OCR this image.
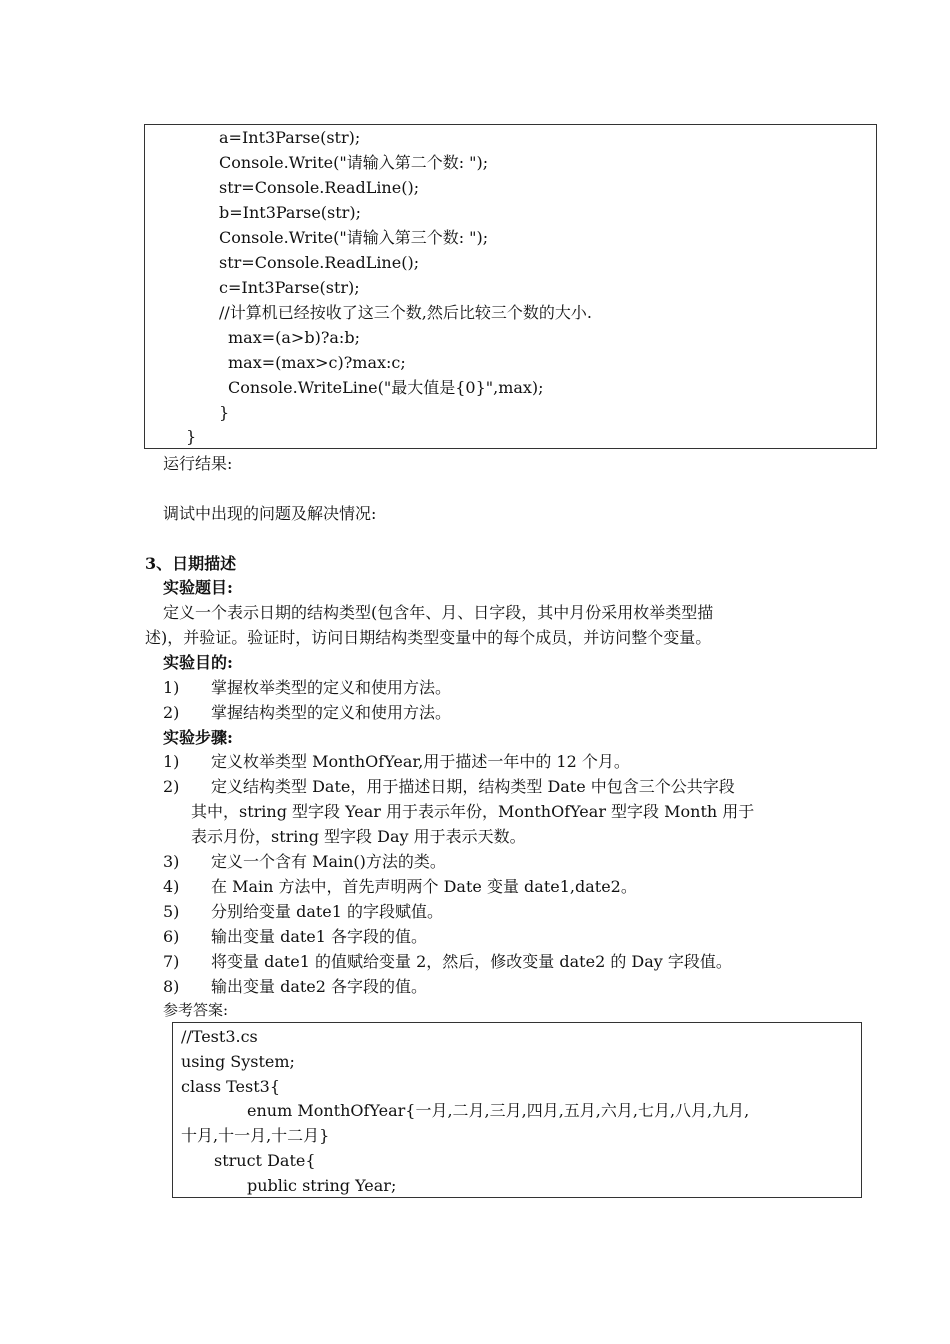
a=Int3Parse(str);
Console.Write("请输入第二个数: ");
str=Console.ReadLine();
b=Int3Parse(str);
Console.Write("请输入第三个数: ");
str=Console.ReadLine();
c=Int3Parse(str);
//计算机已经按收了这三个数,然后比较三个数的大小.
max=(a>b)?a:b;
max=(max>c)?max:c;
Console.WriteLine("最大值是{0}",max);
}
}
运行结果:
调试中出现的问题及解决情况:
3、日期描述
实验题目:
定义一个表示日期的结构类型(包含年、月、日字段，其中月份采用枚举类型描
述)，并验证。验证时，访问日期结构类型变量中的每个成员，并访问整个变量。
实验目的:
1) 掌握枚举类型的定义和使用方法。
2) 掌握结构类型的定义和使用方法。
实验步骤:
1) 定义枚举类型 MonthOfYear,用于描述一年中的 12 个月。
2) 定义结构类型 Date，用于描述日期，结构类型 Date 中包含三个公共字段
其中，string 型字段 Year 用于表示年份，MonthOfYear 型字段 Month 用于
表示月份，string 型字段 Day 用于表示天数。
3) 定义一个含有 Main()方法的类。
4) 在 Main 方法中，首先声明两个 Date 变量 date1,date2。
5) 分别给变量 date1 的字段赋值。
6) 输出变量 date1 各字段的值。
7) 将变量 date1 的值赋给变量 2，然后，修改变量 date2 的 Day 字段值。
8) 输出变量 date2 各字段的值。
参考答案:
//Test3.cs
using System;
class Test3{
enum MonthOfYear{一月,二月,三月,四月,五月,六月,七月,八月,九月,
十月,十一月,十二月}
struct Date{
public string Year;
